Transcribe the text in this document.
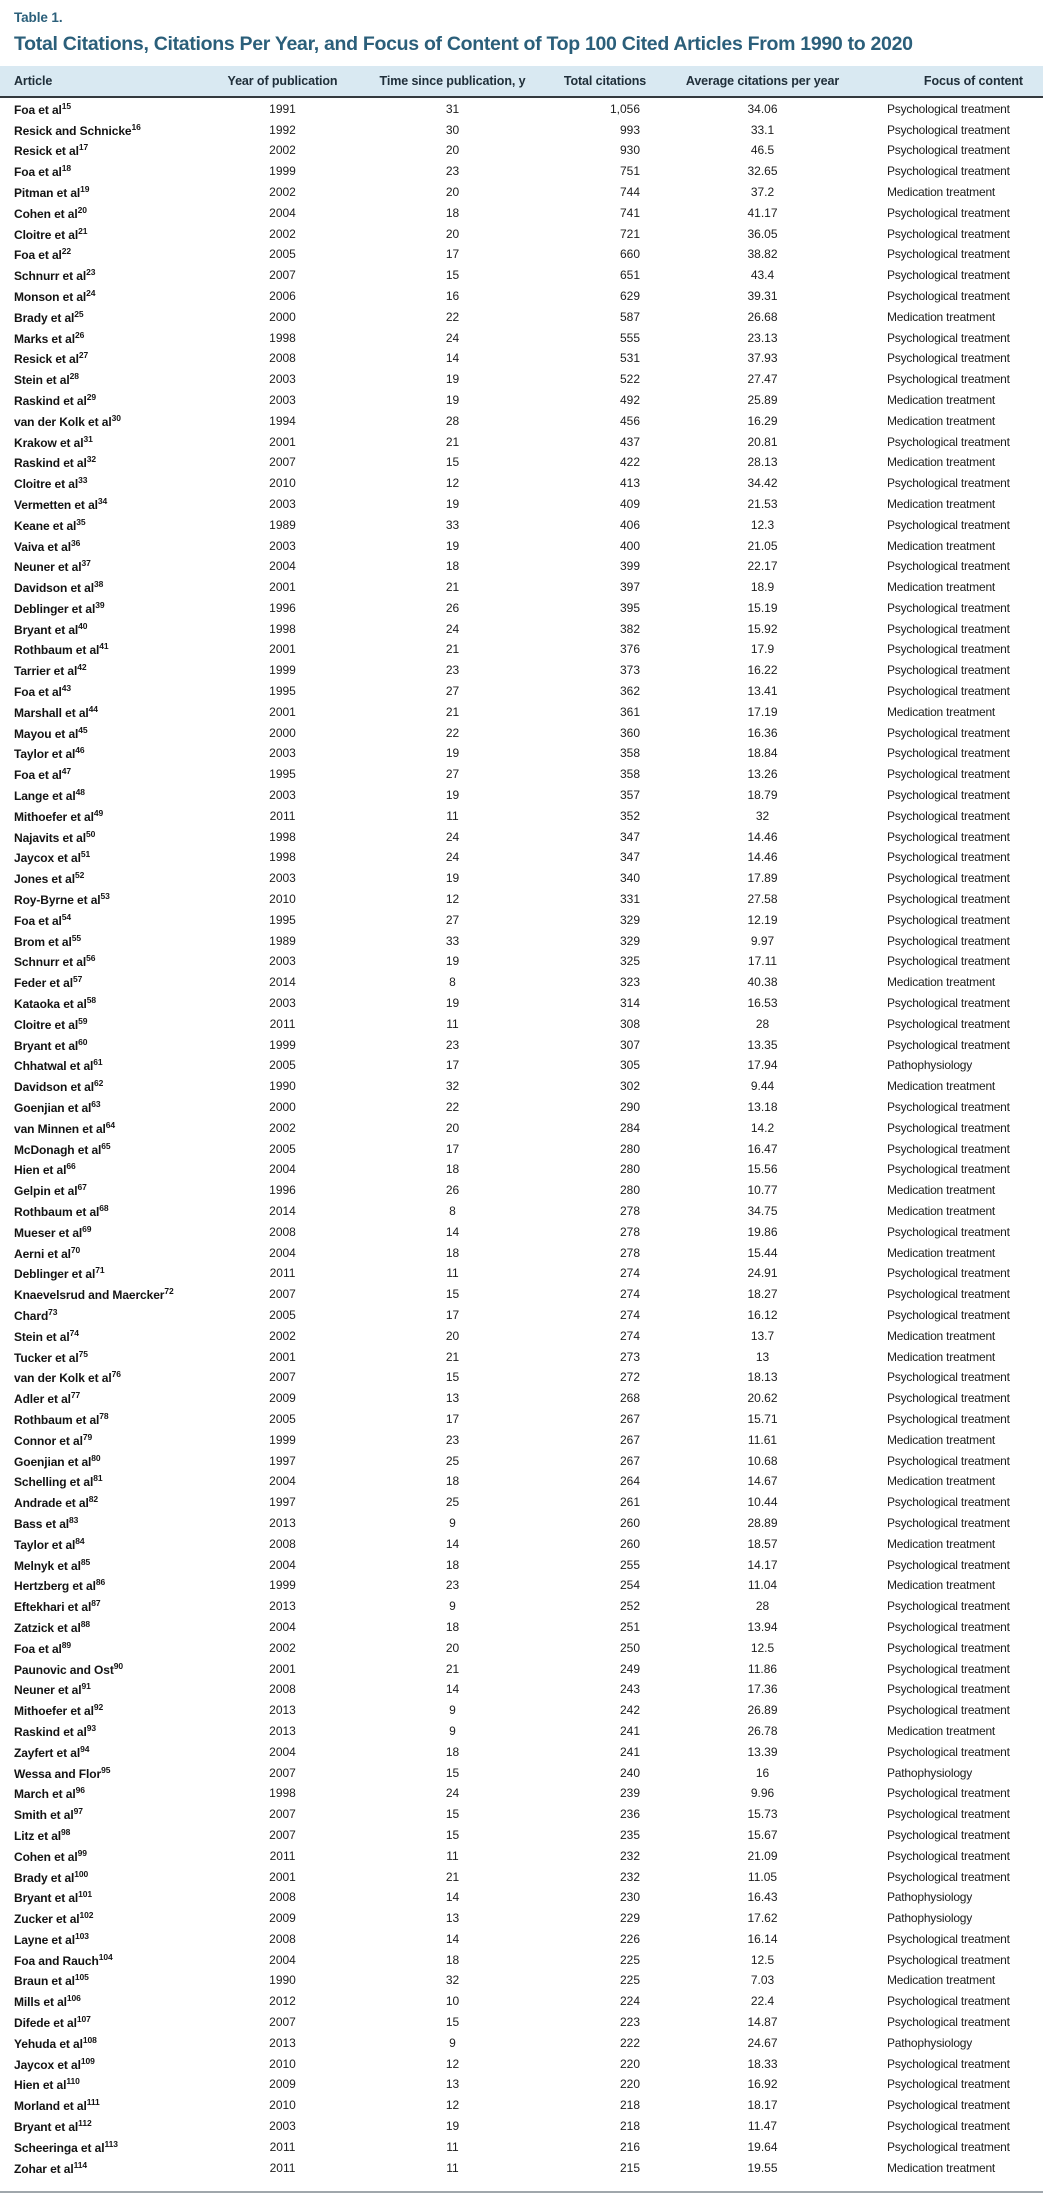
Table 1.
Total Citations, Citations Per Year, and Focus of Content of Top 100 Cited Articles From 1990 to 2020
Article	Year of publication	Time since publication, y	Total citations	Average citations per year	Focus of content
Foa et $al^{15}$	1991	31	1,056	34.06	Psychological treatment
Resick and Schnicke$^{16}$	1992	30	993	33.1	Psychological treatment
Resick et $al^{17}$	2002	20	930	46.5	Psychological treatment
Foa et $al^{18}$	1999	23	751	32.65	Psychological treatment
Pitman et $al^{19}$	2002	20	744	37.2	Medication treatment
Cohen et $al^{20}$	2004	18	741	41.17	Psychological treatment
Cloitre et $al^{21}$	2002	20	721	36.05	Psychological treatment
Foa et $al^{22}$	2005	17	660	38.82	Psychological treatment
Schnurr et $al^{23}$	2007	15	651	43.4	Psychological treatment
Monson et $al^{24}$	2006	16	629	39.31	Psychological treatment
Brady et $al^{25}$	2000	22	587	26.68	Medication treatment
Marks et $al^{26}$	1998	24	555	23.13	Psychological treatment
Resick et $al^{27}$	2008	14	531	37.93	Psychological treatment
Stein et $al^{28}$	2003	19	522	27.47	Psychological treatment
Raskind et $al^{29}$	2003	19	492	25.89	Medication treatment
van der Kolk et $al^{30}$	1994	28	456	16.29	Medication treatment
Krakow et $al^{31}$	2001	21	437	20.81	Psychological treatment
Raskind et $al^{32}$	2007	15	422	28.13	Medication treatment
Cloitre et $al^{33}$	2010	12	413	34.42	Psychological treatment
Vermetten et $al^{34}$	2003	19	409	21.53	Medication treatment
Keane et $al^{35}$	1989	33	406	12.3	Psychological treatment
Vaiva et $al^{36}$	2003	19	400	21.05	Medication treatment
Neuner et $al^{37}$	2004	18	399	22.17	Psychological treatment
Davidson et $al^{38}$	2001	21	397	18.9	Medication treatment
Deblinger et $al^{39}$	1996	26	395	15.19	Psychological treatment
Bryant et $al^{40}$	1998	24	382	15.92	Psychological treatment
Rothbaum et $al^{41}$	2001	21	376	17.9	Psychological treatment
Tarrier et $al^{42}$	1999	23	373	16.22	Psychological treatment
Foa et $al^{43}$	1995	27	362	13.41	Psychological treatment
Marshall et $al^{44}$	2001	21	361	17.19	Medication treatment
Mayou et $al^{45}$	2000	22	360	16.36	Psychological treatment
Taylor et $al^{46}$	2003	19	358	18.84	Psychological treatment
Foa et $al^{47}$	1995	27	358	13.26	Psychological treatment
Lange et $al^{48}$	2003	19	357	18.79	Psychological treatment
Mithoefer et $al^{49}$	2011	11	352	32	Psychological treatment
Najavits et $al^{50}$	1998	24	347	14.46	Psychological treatment
Jaycox et $al^{51}$	1998	24	347	14.46	Psychological treatment
Jones et $al^{52}$	2003	19	340	17.89	Psychological treatment
Roy-Byrne et $al^{53}$	2010	12	331	27.58	Psychological treatment
Foa et $al^{54}$	1995	27	329	12.19	Psychological treatment
Brom et $al^{55}$	1989	33	329	9.97	Psychological treatment
Schnurr et $al^{56}$	2003	19	325	17.11	Psychological treatment
Feder et $al^{57}$	2014	8	323	40.38	Medication treatment
Kataoka et $al^{58}$	2003	19	314	16.53	Psychological treatment
Cloitre et $al^{59}$	2011	11	308	28	Psychological treatment
Bryant et $al^{60}$	1999	23	307	13.35	Psychological treatment
Chhatwal et $al^{61}$	2005	17	305	17.94	Pathophysiology
Davidson et $al^{62}$	1990	32	302	9.44	Medication treatment
Goenjian et $al^{63}$	2000	22	290	13.18	Psychological treatment
van Minnen et $al^{64}$	2002	20	284	14.2	Psychological treatment
McDonagh et $al^{65}$	2005	17	280	16.47	Psychological treatment
Hien et $al^{66}$	2004	18	280	15.56	Psychological treatment
Gelpin et $al^{67}$	1996	26	280	10.77	Medication treatment
Rothbaum et $al^{68}$	2014	8	278	34.75	Medication treatment
Mueser et $al^{69}$	2008	14	278	19.86	Psychological treatment
Aerni et $al^{70}$	2004	18	278	15.44	Medication treatment
Deblinger et $al^{71}$	2011	11	274	24.91	Psychological treatment
Knaevelsrud and Maercker$^{72}$	2007	15	274	18.27	Psychological treatment
Chard$^{73}$	2005	17	274	16.12	Psychological treatment
Stein et $al^{74}$	2002	20	274	13.7	Medication treatment
Tucker et $al^{75}$	2001	21	273	13	Medication treatment
van der Kolk et $al^{76}$	2007	15	272	18.13	Psychological treatment
Adler et $al^{77}$	2009	13	268	20.62	Psychological treatment
Rothbaum et $al^{78}$	2005	17	267	15.71	Psychological treatment
Connor et $al^{79}$	1999	23	267	11.61	Medication treatment
Goenjian et $al^{80}$	1997	25	267	10.68	Psychological treatment
Schelling et $al^{81}$	2004	18	264	14.67	Medication treatment
Andrade et $al^{82}$	1997	25	261	10.44	Psychological treatment
Bass et $al^{83}$	2013	9	260	28.89	Psychological treatment
Taylor et $al^{84}$	2008	14	260	18.57	Medication treatment
Melnyk et $al^{85}$	2004	18	255	14.17	Psychological treatment
Hertzberg et $al^{86}$	1999	23	254	11.04	Medication treatment
Eftekhari et $al^{87}$	2013	9	252	28	Psychological treatment
Zatzick et $al^{88}$	2004	18	251	13.94	Psychological treatment
Foa et $al^{89}$	2002	20	250	12.5	Psychological treatment
Paunovic and Ost$^{90}$	2001	21	249	11.86	Psychological treatment
Neuner et $al^{91}$	2008	14	243	17.36	Psychological treatment
Mithoefer et $al^{92}$	2013	9	242	26.89	Psychological treatment
Raskind et $al^{93}$	2013	9	241	26.78	Medication treatment
Zayfert et $al^{94}$	2004	18	241	13.39	Psychological treatment
Wessa and Flor$^{95}$	2007	15	240	16	Pathophysiology
March et $al^{96}$	1998	24	239	9.96	Psychological treatment
Smith et $al^{97}$	2007	15	236	15.73	Psychological treatment
Litz et $al^{98}$	2007	15	235	15.67	Psychological treatment
Cohen et $al^{99}$	2011	11	232	21.09	Psychological treatment
Brady et $al^{100}$	2001	21	232	11.05	Psychological treatment
Bryant et $al^{101}$	2008	14	230	16.43	Pathophysiology
Zucker et $al^{102}$	2009	13	229	17.62	Pathophysiology
Layne et $al^{103}$	2008	14	226	16.14	Psychological treatment
Foa and Rauch$^{104}$	2004	18	225	12.5	Psychological treatment
Braun et $al^{105}$	1990	32	225	7.03	Medication treatment
Mills et $al^{106}$	2012	10	224	22.4	Psychological treatment
Difede et $al^{107}$	2007	15	223	14.87	Psychological treatment
Yehuda et $al^{108}$	2013	9	222	24.67	Pathophysiology
Jaycox et $al^{109}$	2010	12	220	18.33	Psychological treatment
Hien et $al^{110}$	2009	13	220	16.92	Psychological treatment
Morland et $al^{111}$	2010	12	218	18.17	Psychological treatment
Bryant et $al^{112}$	2003	19	218	11.47	Psychological treatment
Scheeringa et $al^{113}$	2011	11	216	19.64	Psychological treatment
Zohar et $al^{114}$	2011	11	215	19.55	Medication treatment
